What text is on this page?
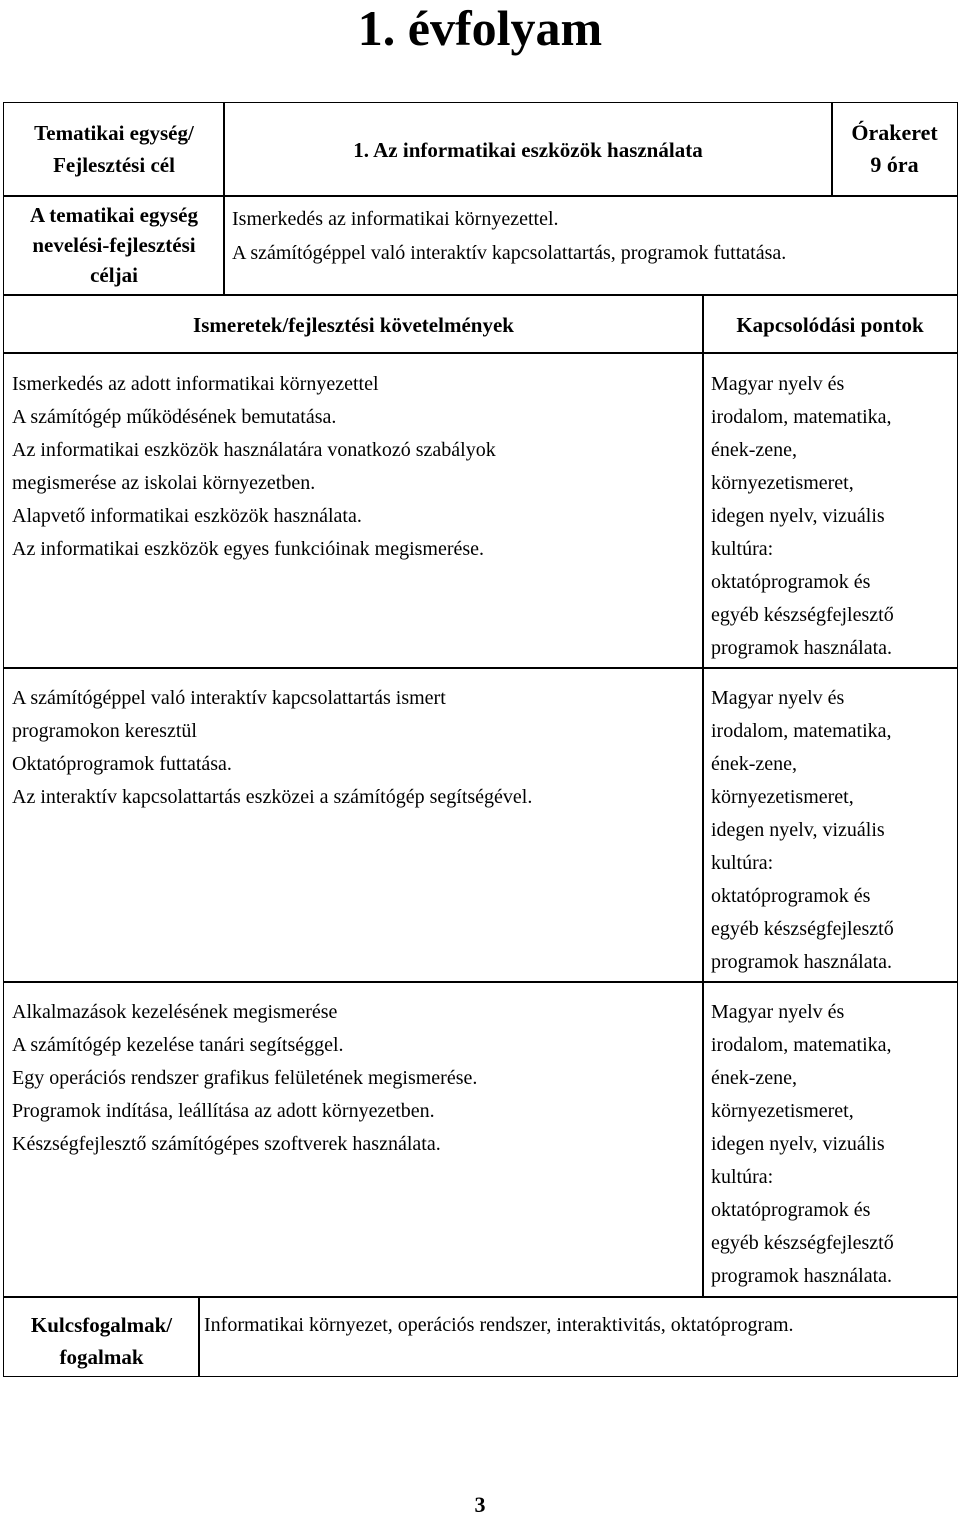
1. évfolyam
Tematikai egység/
Fejlesztési cél
1. Az informatikai eszközök használata
Órakeret
9 óra
A tematikai egység
nevelési-fejlesztési
céljai
Ismerkedés az informatikai környezettel.
A számítógéppel való interaktív kapcsolattartás, programok futtatása.
Ismeretek/fejlesztési követelmények	Kapcsolódási pontok
Ismerkedés az adott informatikai környezettel
A számítógép működésének bemutatása.
Az informatikai eszközök használatára vonatkozó szabályok
megismerése az iskolai környezetben.
Alapvető informatikai eszközök használata.
Az informatikai eszközök egyes funkcióinak megismerése.
Magyar nyelv és
irodalom, matematika,
ének-zene,
környezetismeret,
idegen nyelv, vizuális
kultúra:
oktatóprogramok és
egyéb készségfejlesztő
programok használata.
A számítógéppel való interaktív kapcsolattartás ismert
programokon keresztül
Oktatóprogramok futtatása.
Az interaktív kapcsolattartás eszközei a számítógép segítségével.
Magyar nyelv és
irodalom, matematika,
ének-zene,
környezetismeret,
idegen nyelv, vizuális
kultúra:
oktatóprogramok és
egyéb készségfejlesztő
programok használata.
Alkalmazások kezelésének megismerése
A számítógép kezelése tanári segítséggel.
Egy operációs rendszer grafikus felületének megismerése.
Programok indítása, leállítása az adott környezetben.
Készségfejlesztő számítógépes szoftverek használata.
Magyar nyelv és
irodalom, matematika,
ének-zene,
környezetismeret,
idegen nyelv, vizuális
kultúra:
oktatóprogramok és
egyéb készségfejlesztő
programok használata.
Kulcsfogalmak/
fogalmak
Informatikai környezet, operációs rendszer, interaktivitás, oktatóprogram.
3
